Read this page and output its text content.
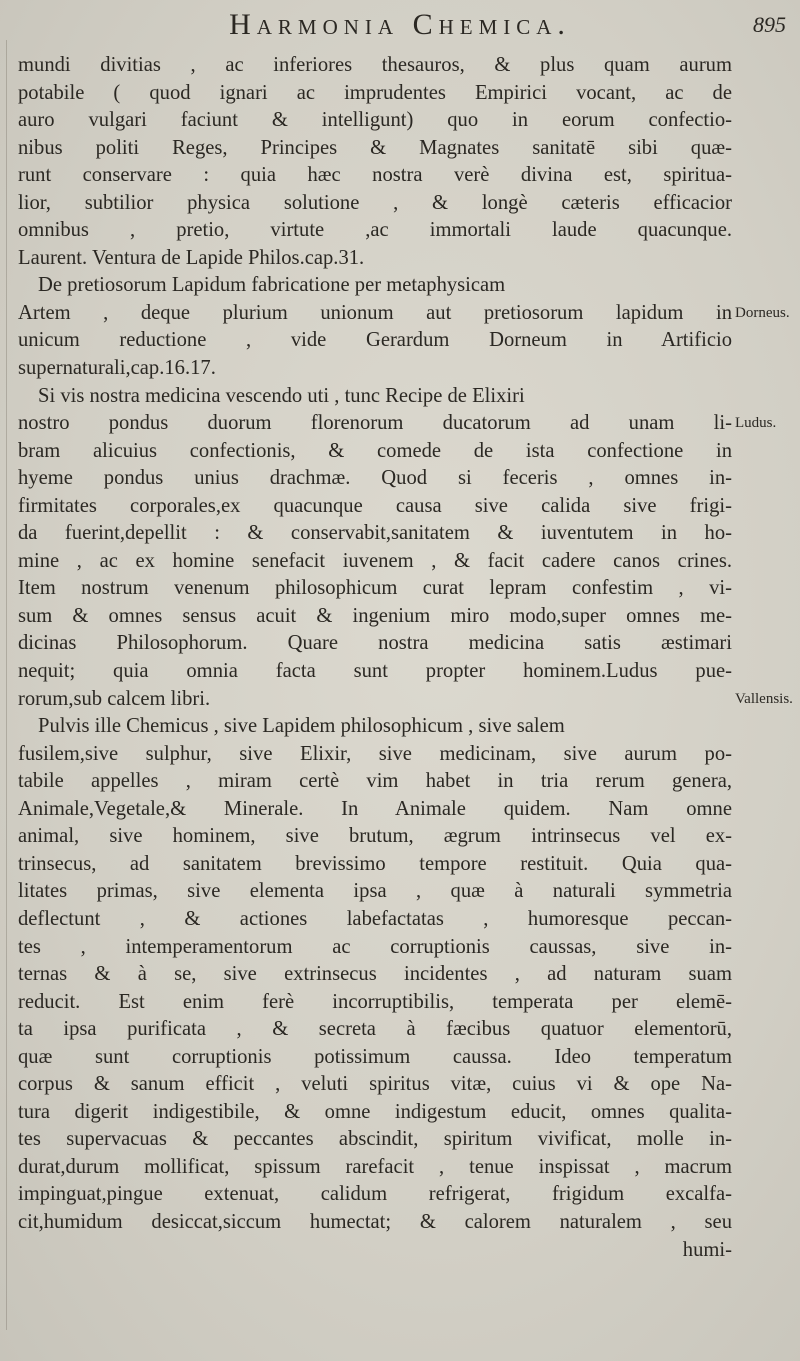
Harmonia Chemica.	895
mundi divitias , ac inferiores thesauros, & plus quam aurum
potabile ( quod ignari ac imprudentes Empirici vocant, ac de
auro vulgari faciunt & intelligunt) quo in eorum confectio-
nibus politi Reges, Principes & Magnates sanitatē sibi quæ-
runt conservare : quia hæc nostra verè divina est, spiritua-
lior, subtilior physica solutione , & longè cæteris efficacior
omnibus , pretio, virtute ,ac immortali laude quacunque.
Laurent. Ventura de Lapide Philos.cap.31.
De pretiosorum Lapidum fabricatione per metaphysicam
Artem , deque plurium unionum aut pretiosorum lapidum in
unicum reductione , vide Gerardum Dorneum in Artificio
supernaturali,cap.16.17.
Si vis nostra medicina vescendo uti , tunc Recipe de Elixiri
nostro pondus duorum florenorum ducatorum ad unam li-
bram alicuius confectionis, & comede de ista confectione in
hyeme pondus unius drachmæ. Quod si feceris , omnes in-
firmitates corporales,ex quacunque causa sive calida sive frigi-
da fuerint,depellit : & conservabit,sanitatem & iuventutem in ho-
mine , ac ex homine senefacit iuvenem , & facit cadere canos crines.
Item nostrum venenum philosophicum curat lepram confestim , vi-
sum & omnes sensus acuit & ingenium miro modo,super omnes me-
dicinas Philosophorum. Quare nostra medicina satis æstimari
nequit; quia omnia facta sunt propter hominem.Ludus pue-
rorum,sub calcem libri.
Pulvis ille Chemicus , sive Lapidem philosophicum , sive salem
fusilem,sive sulphur, sive Elixir, sive medicinam, sive aurum po-
tabile appelles , miram certè vim habet in tria rerum genera,
Animale,Vegetale,& Minerale. In Animale quidem. Nam omne
animal, sive hominem, sive brutum, ægrum intrinsecus vel ex-
trinsecus, ad sanitatem brevissimo tempore restituit. Quia qua-
litates primas, sive elementa ipsa , quæ à naturali symmetria
deflectunt , & actiones labefactatas , humoresque peccan-
tes , intemperamentorum ac corruptionis caussas, sive in-
ternas & à se, sive extrinsecus incidentes , ad naturam suam
reducit. Est enim ferè incorruptibilis, temperata per elemē-
ta ipsa purificata , & secreta à fæcibus quatuor elementorū,
quæ sunt corruptionis potissimum caussa. Ideo temperatum
corpus & sanum efficit , veluti spiritus vitæ, cuius vi & ope Na-
tura digerit indigestibile, & omne indigestum educit, omnes qualita-
tes supervacuas & peccantes abscindit, spiritum vivificat, molle in-
durat,durum mollificat, spissum rarefacit , tenue inspissat , macrum
impinguat,pingue extenuat, calidum refrigerat, frigidum excalfa-
cit,humidum desiccat,siccum humectat; & calorem naturalem , seu
humi-
Dorneus.
Ludus.
Vallensis.
